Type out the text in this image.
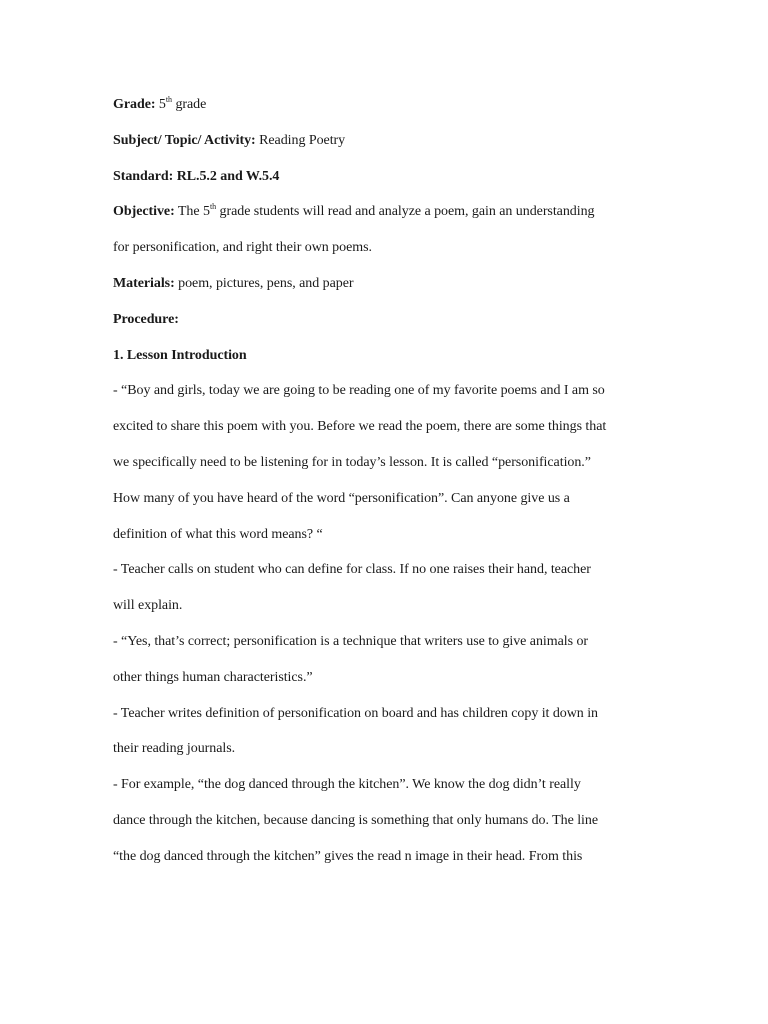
Grade: 5th grade
Subject/ Topic/ Activity: Reading Poetry
Standard: RL.5.2 and W.5.4
Objective: The 5th grade students will read and analyze a poem, gain an understanding
for personification, and right their own poems.
Materials: poem, pictures, pens, and paper
Procedure:
1. Lesson Introduction
- “Boy and girls, today we are going to be reading one of my favorite poems and I am so
excited to share this poem with you. Before we read the poem, there are some things that
we specifically need to be listening for in today’s lesson. It is called “personification.”
How many of you have heard of the word “personification”. Can anyone give us a
definition of what this word means? “
- Teacher calls on student who can define for class. If no one raises their hand, teacher
will explain.
- “Yes, that’s correct; personification is a technique that writers use to give animals or
other things human characteristics.”
- Teacher writes definition of personification on board and has children copy it down in
their reading journals.
- For example, “the dog danced through the kitchen”. We know the dog didn’t really
dance through the kitchen, because dancing is something that only humans do. The line
“the dog danced through the kitchen” gives the read n image in their head. From this
